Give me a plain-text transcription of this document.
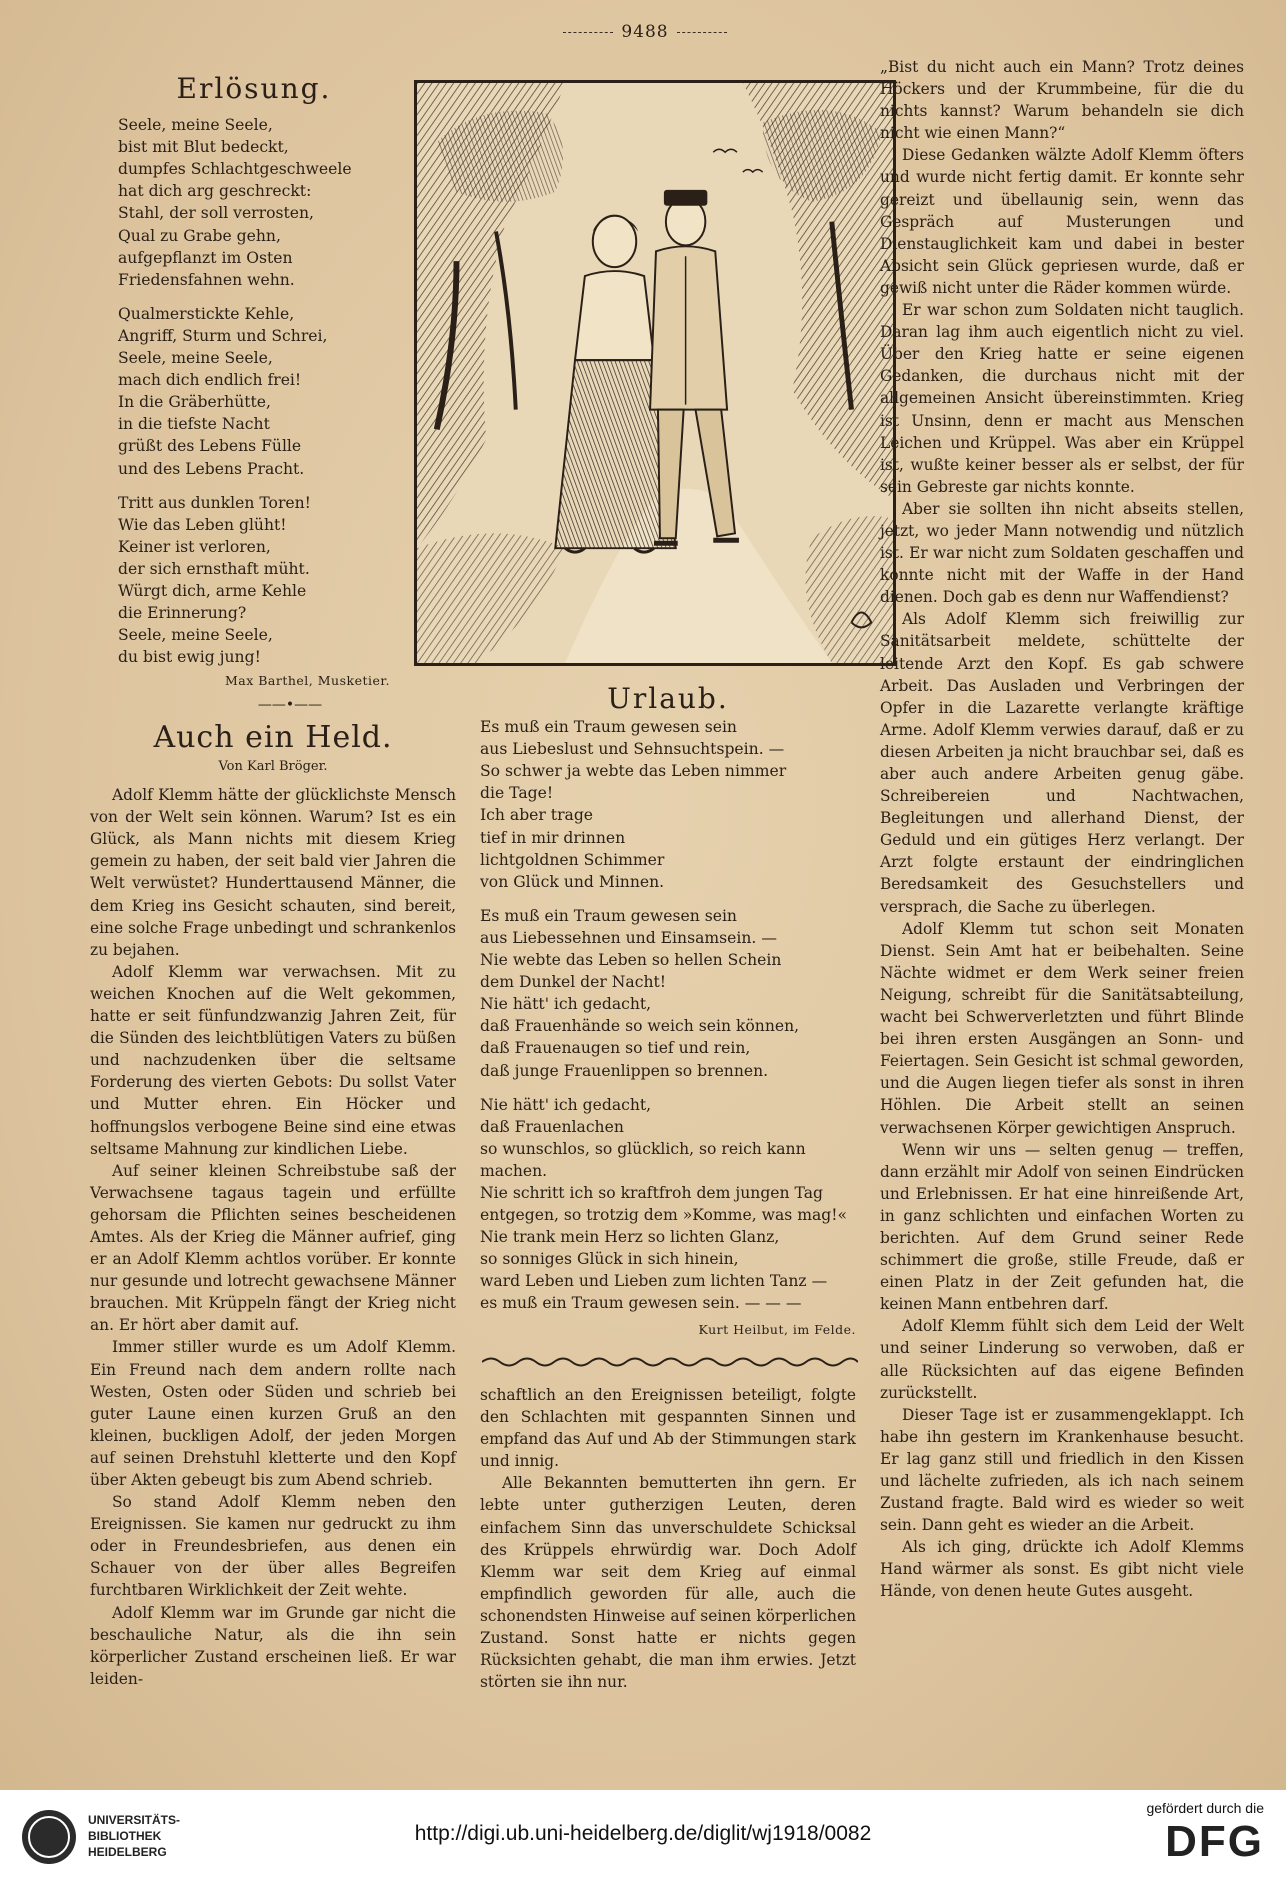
9488
Erlösung.
Seele, meine Seele,
bist mit Blut bedeckt,
dumpfes Schlachtgeschweele
hat dich arg geschreckt:
Stahl, der soll verrosten,
Qual zu Grabe gehn,
aufgepflanzt im Osten
Friedensfahnen wehn.
Qualmerstickte Kehle,
Angriff, Sturm und Schrei,
Seele, meine Seele,
mach dich endlich frei!
In die Gräberhütte,
in die tiefste Nacht
grüßt des Lebens Fülle
und des Lebens Pracht.
Tritt aus dunklen Toren!
Wie das Leben glüht!
Keiner ist verloren,
der sich ernsthaft müht.
Würgt dich, arme Kehle
die Erinnerung?
Seele, meine Seele,
du bist ewig jung!
Max Barthel, Musketier.
——•——
Auch ein Held.
Von Karl Bröger.

Adolf Klemm hätte der glücklichste Mensch von der Welt sein können. Warum? Ist es ein Glück, als Mann nichts mit diesem Krieg gemein zu haben, der seit bald vier Jahren die Welt verwüstet? Hunderttausend Männer, die dem Krieg ins Gesicht schauten, sind bereit, eine solche Frage unbedingt und schrankenlos zu bejahen.

Adolf Klemm war verwachsen. Mit zu weichen Knochen auf die Welt gekommen, hatte er seit fünfundzwanzig Jahren Zeit, für die Sünden des leichtblütigen Vaters zu büßen und nachzudenken über die seltsame Forderung des vierten Gebots: Du sollst Vater und Mutter ehren. Ein Höcker und hoffnungslos verbogene Beine sind eine etwas seltsame Mahnung zur kindlichen Liebe.

Auf seiner kleinen Schreibstube saß der Verwachsene tagaus tagein und erfüllte gehorsam die Pflichten seines bescheidenen Amtes. Als der Krieg die Männer aufrief, ging er an Adolf Klemm achtlos vorüber. Er konnte nur gesunde und lotrecht gewachsene Männer brauchen. Mit Krüppeln fängt der Krieg nicht an. Er hört aber damit auf.

Immer stiller wurde es um Adolf Klemm. Ein Freund nach dem andern rollte nach Westen, Osten oder Süden und schrieb bei guter Laune einen kurzen Gruß an den kleinen, buckligen Adolf, der jeden Morgen auf seinen Drehstuhl kletterte und den Kopf über Akten gebeugt bis zum Abend schrieb.

So stand Adolf Klemm neben den Ereignissen. Sie kamen nur gedruckt zu ihm oder in Freundesbriefen, aus denen ein Schauer von der über alles Begreifen furchtbaren Wirklichkeit der Zeit wehte.

Adolf Klemm war im Grunde gar nicht die beschauliche Natur, als die ihn sein körperlicher Zustand erscheinen ließ. Er war leiden-

Urlaub.
Es muß ein Traum gewesen sein
aus Liebeslust und Sehnsuchtspein. —
So schwer ja webte das Leben nimmer
die Tage!
Ich aber trage
tief in mir drinnen
lichtgoldnen Schimmer
von Glück und Minnen.
Es muß ein Traum gewesen sein
aus Liebessehnen und Einsamsein. —
Nie webte das Leben so hellen Schein
dem Dunkel der Nacht!
Nie hätt' ich gedacht,
daß Frauenhände so weich sein können,
daß Frauenaugen so tief und rein,
daß junge Frauenlippen so brennen.
Nie hätt' ich gedacht,
daß Frauenlachen
so wunschlos, so glücklich, so reich kann machen.
Nie schritt ich so kraftfroh dem jungen Tag
entgegen, so trotzig dem »Komme, was mag!«
Nie trank mein Herz so lichten Glanz,
so sonniges Glück in sich hinein,
ward Leben und Lieben zum lichten Tanz —
es muß ein Traum gewesen sein. — — —
Kurt Heilbut, im Felde.

schaftlich an den Ereignissen beteiligt, folgte den Schlachten mit gespannten Sinnen und empfand das Auf und Ab der Stimmungen stark und innig.

Alle Bekannten bemutterten ihn gern. Er lebte unter gutherzigen Leuten, deren einfachem Sinn das unverschuldete Schicksal des Krüppels ehrwürdig war. Doch Adolf Klemm war seit dem Krieg auf einmal empfindlich geworden für alle, auch die schonendsten Hinweise auf seinen körperlichen Zustand. Sonst hatte er nichts gegen Rücksichten gehabt, die man ihm erwies. Jetzt störten sie ihn nur.

„Bist du nicht auch ein Mann? Trotz deines Höckers und der Krummbeine, für die du nichts kannst? Warum behandeln sie dich nicht wie einen Mann?“

Diese Gedanken wälzte Adolf Klemm öfters und wurde nicht fertig damit. Er konnte sehr gereizt und übellaunig sein, wenn das Gespräch auf Musterungen und Dienstauglichkeit kam und dabei in bester Absicht sein Glück gepriesen wurde, daß er gewiß nicht unter die Räder kommen würde.

Er war schon zum Soldaten nicht tauglich. Daran lag ihm auch eigentlich nicht zu viel. Über den Krieg hatte er seine eigenen Gedanken, die durchaus nicht mit der allgemeinen Ansicht übereinstimmten. Krieg ist Unsinn, denn er macht aus Menschen Leichen und Krüppel. Was aber ein Krüppel ist, wußte keiner besser als er selbst, der für sein Gebreste gar nichts konnte.

Aber sie sollten ihn nicht abseits stellen, jetzt, wo jeder Mann notwendig und nützlich ist. Er war nicht zum Soldaten geschaffen und konnte nicht mit der Waffe in der Hand dienen. Doch gab es denn nur Waffendienst?

Als Adolf Klemm sich freiwillig zur Sanitätsarbeit meldete, schüttelte der leitende Arzt den Kopf. Es gab schwere Arbeit. Das Ausladen und Verbringen der Opfer in die Lazarette verlangte kräftige Arme. Adolf Klemm verwies darauf, daß er zu diesen Arbeiten ja nicht brauchbar sei, daß es aber auch andere Arbeiten genug gäbe. Schreibereien und Nachtwachen, Begleitungen und allerhand Dienst, der Geduld und ein gütiges Herz verlangt. Der Arzt folgte erstaunt der eindringlichen Beredsamkeit des Gesuchstellers und versprach, die Sache zu überlegen.

Adolf Klemm tut schon seit Monaten Dienst. Sein Amt hat er beibehalten. Seine Nächte widmet er dem Werk seiner freien Neigung, schreibt für die Sanitätsabteilung, wacht bei Schwerverletzten und führt Blinde bei ihren ersten Ausgängen an Sonn- und Feiertagen. Sein Gesicht ist schmal geworden, und die Augen liegen tiefer als sonst in ihren Höhlen. Die Arbeit stellt an seinen verwachsenen Körper gewichtigen Anspruch.

Wenn wir uns — selten genug — treffen, dann erzählt mir Adolf von seinen Eindrücken und Erlebnissen. Er hat eine hinreißende Art, in ganz schlichten und einfachen Worten zu berichten. Auf dem Grund seiner Rede schimmert die große, stille Freude, daß er einen Platz in der Zeit gefunden hat, die keinen Mann entbehren darf.

Adolf Klemm fühlt sich dem Leid der Welt und seiner Linderung so verwoben, daß er alle Rücksichten auf das eigene Befinden zurückstellt.

Dieser Tage ist er zusammengeklappt. Ich habe ihn gestern im Krankenhause besucht. Er lag ganz still und friedlich in den Kissen und lächelte zufrieden, als ich nach seinem Zustand fragte. Bald wird es wieder so weit sein. Dann geht es wieder an die Arbeit.

Als ich ging, drückte ich Adolf Klemms Hand wärmer als sonst. Es gibt nicht viele Hände, von denen heute Gutes ausgeht.

UNIVERSITÄTS-
BIBLIOTHEK
HEIDELBERG
http://digi.ub.uni-heidelberg.de/diglit/wj1918/0082
gefördert durch die
DFG
